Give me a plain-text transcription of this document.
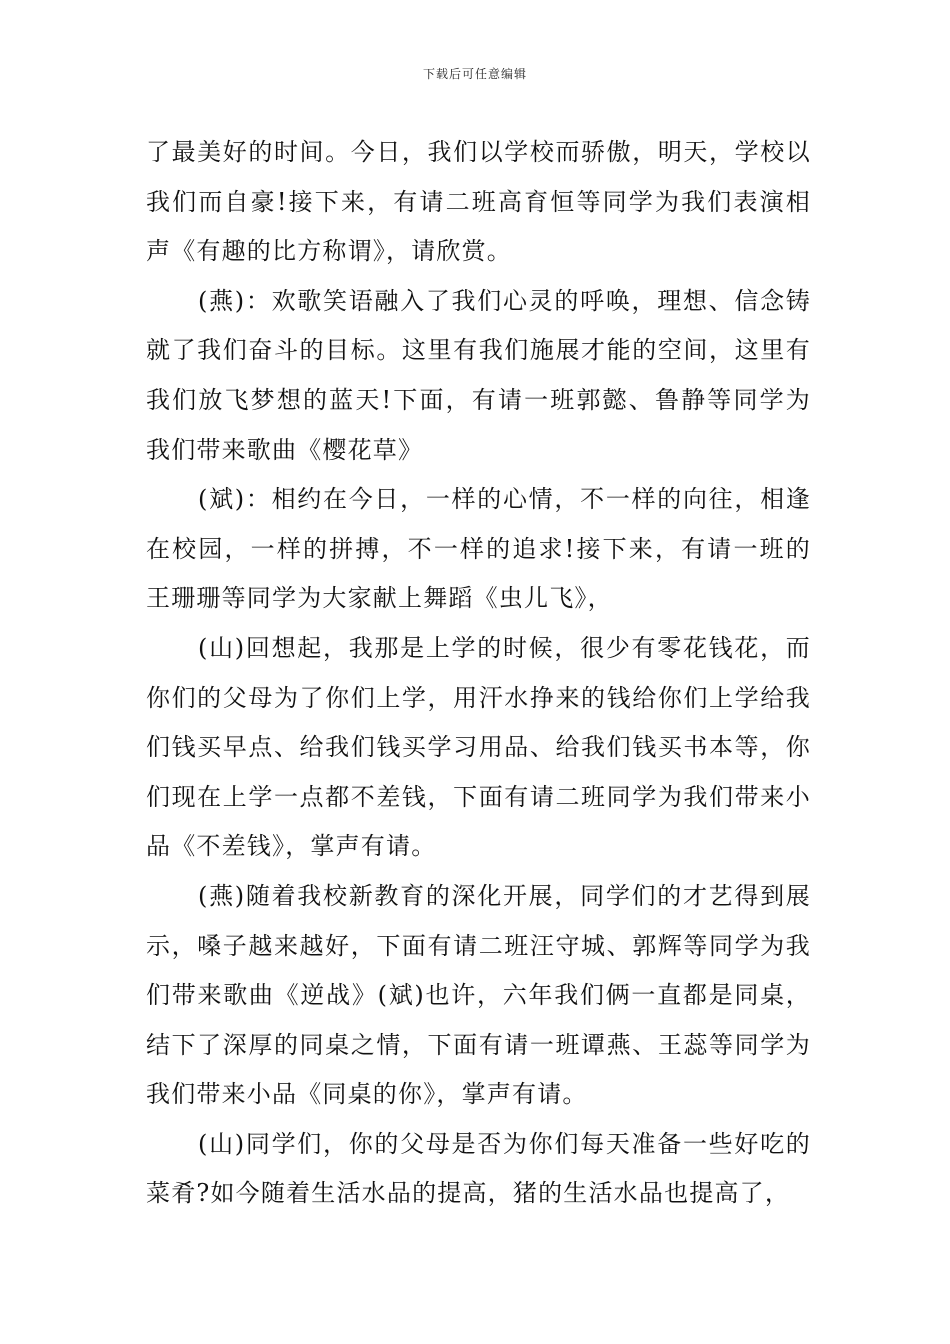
下载后可任意编辑

了最美好的时间。今日，我们以学校而骄傲，明天，学校以我们而自豪!接下来，有请二班高育恒等同学为我们表演相声《有趣的比方称谓》，请欣赏。

(燕)：欢歌笑语融入了我们心灵的呼唤，理想、信念铸就了我们奋斗的目标。这里有我们施展才能的空间，这里有我们放飞梦想的蓝天!下面，有请一班郭懿、鲁静等同学为我们带来歌曲《樱花草》

(斌)：相约在今日，一样的心情，不一样的向往，相逢在校园，一样的拼搏，不一样的追求!接下来，有请一班的王珊珊等同学为大家献上舞蹈《虫儿飞》，

(山)回想起，我那是上学的时候，很少有零花钱花，而你们的父母为了你们上学，用汗水挣来的钱给你们上学给我们钱买早点、给我们钱买学习用品、给我们钱买书本等，你们现在上学一点都不差钱，下面有请二班同学为我们带来小品《不差钱》，掌声有请。

(燕)随着我校新教育的深化开展，同学们的才艺得到展示，嗓子越来越好，下面有请二班汪守城、郭辉等同学为我们带来歌曲《逆战》(斌)也许，六年我们俩一直都是同桌，结下了深厚的同桌之情，下面有请一班谭燕、王蕊等同学为我们带来小品《同桌的你》，掌声有请。

(山)同学们，你的父母是否为你们每天准备一些好吃的菜肴?如今随着生活水品的提高，猪的生活水品也提高了，
